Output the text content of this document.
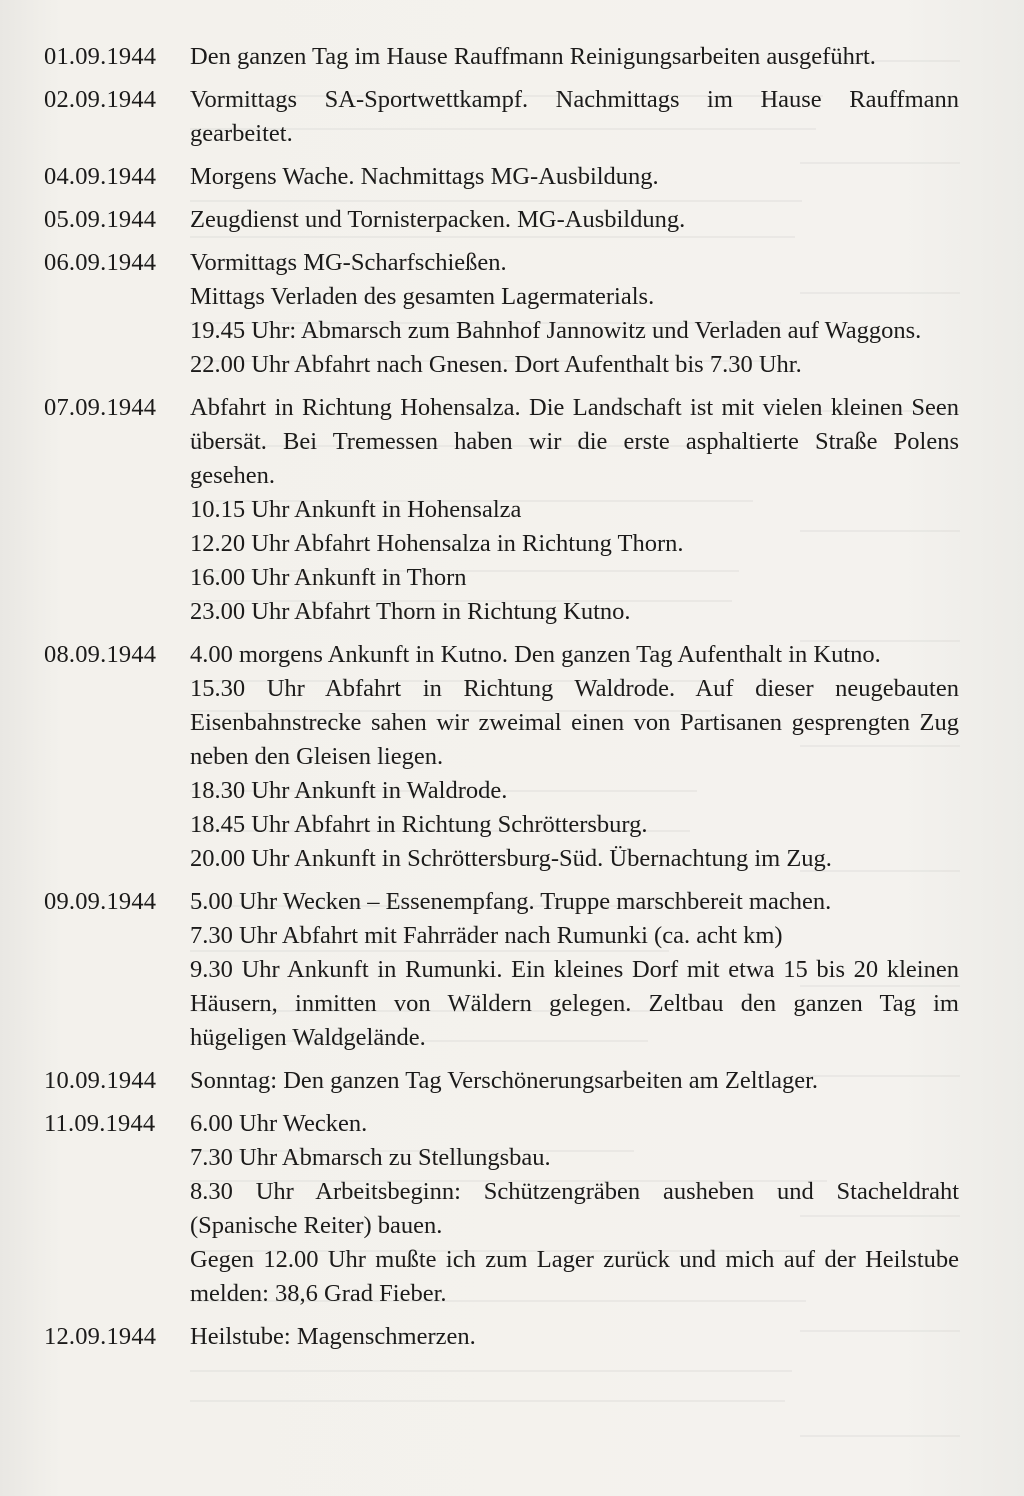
01.09.1944	Den ganzen Tag im Hause Rauffmann Reinigungsarbeiten ausgeführt.

02.09.1944	Vormittags SA-Sportwettkampf. Nachmittags im Hause Rauffmann gearbeitet.

04.09.1944	Morgens Wache. Nachmittags MG-Ausbildung.

05.09.1944	Zeugdienst und Tornisterpacken. MG-Ausbildung.

06.09.1944	Vormittags MG-Scharfschießen.

Mittags Verladen des gesamten Lagermaterials.

19.45 Uhr: Abmarsch zum Bahnhof Jannowitz und Verladen auf Waggons.

22.00 Uhr Abfahrt nach Gnesen. Dort Aufenthalt bis 7.30 Uhr.

07.09.1944	Abfahrt in Richtung Hohensalza. Die Landschaft ist mit vielen kleinen Seen übersät. Bei Tremessen haben wir die erste asphaltierte Straße Polens gesehen.

10.15 Uhr Ankunft in Hohensalza

12.20 Uhr Abfahrt Hohensalza in Richtung Thorn.

16.00 Uhr Ankunft in Thorn

23.00 Uhr Abfahrt Thorn in Richtung Kutno.

08.09.1944	4.00 morgens Ankunft in Kutno. Den ganzen Tag Aufenthalt in Kutno.

15.30 Uhr Abfahrt in Richtung Waldrode. Auf dieser neugebauten Eisenbahnstrecke sahen wir zweimal einen von Partisanen gesprengten Zug neben den Gleisen liegen.

18.30 Uhr Ankunft in Waldrode.

18.45 Uhr Abfahrt in Richtung Schröttersburg.

20.00 Uhr Ankunft in Schröttersburg-Süd. Übernachtung im Zug.

09.09.1944	5.00 Uhr Wecken – Essenempfang. Truppe marschbereit machen.

7.30 Uhr Abfahrt mit Fahrräder nach Rumunki (ca. acht km)

9.30 Uhr Ankunft in Rumunki. Ein kleines Dorf mit etwa 15 bis 20 kleinen Häusern, inmitten von Wäldern gelegen. Zeltbau den ganzen Tag im hügeligen Waldgelände.

10.09.1944	Sonntag: Den ganzen Tag Verschönerungsarbeiten am Zeltlager.

11.09.1944	6.00 Uhr Wecken.

7.30 Uhr Abmarsch zu Stellungsbau.

8.30 Uhr Arbeitsbeginn: Schützengräben ausheben und Stacheldraht (Spanische Reiter) bauen.

Gegen 12.00 Uhr mußte ich zum Lager zurück und mich auf der Heilstube melden: 38,6 Grad Fieber.

12.09.1944	Heilstube: Magenschmerzen.
